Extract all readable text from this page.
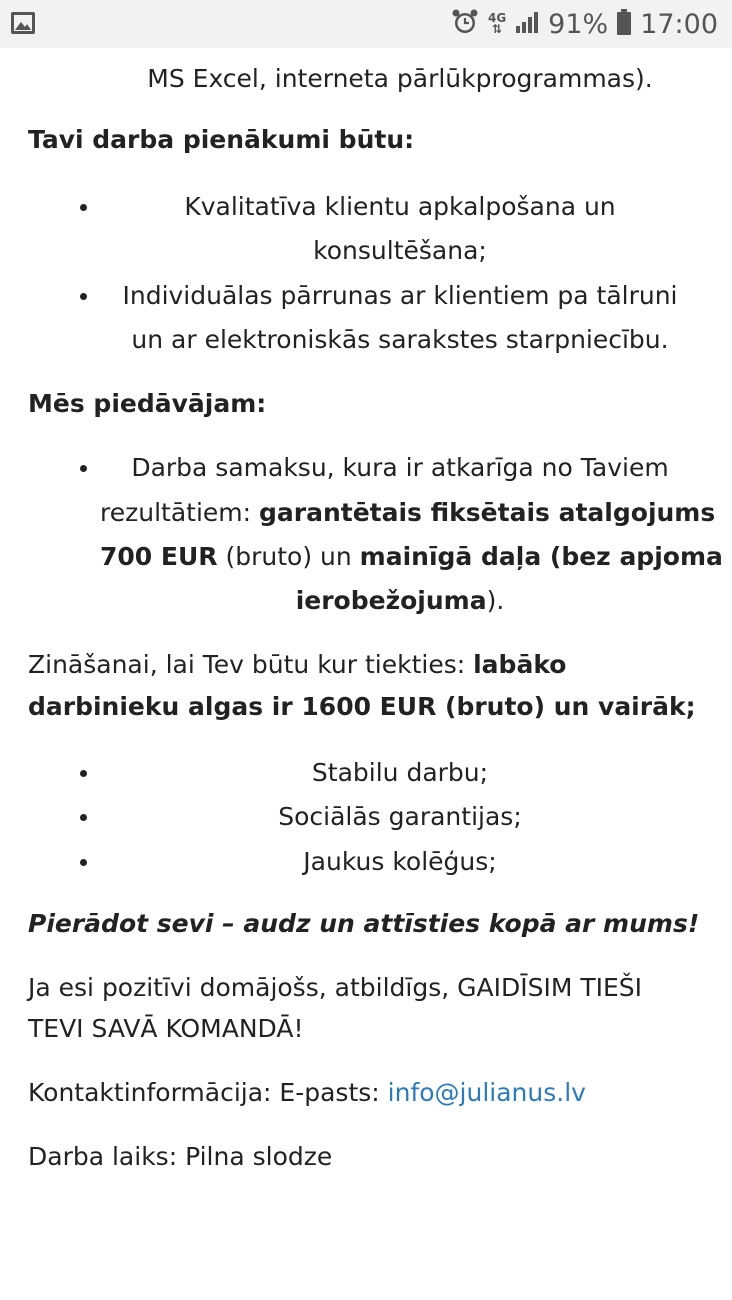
MS Excel, interneta pārlūkprogrammas).
Tavi darba pienākumi būtu:
Kvalitatīva klientu apkalpošana un
konsultēšana;
Individuālas pārrunas ar klientiem pa tālruni
un ar elektroniskās sarakstes starpniecību.
Mēs piedāvājam:
Darba samaksu, kura ir atkarīga no Taviem
rezultātiem: garantētais fiksētais atalgojums
700 EUR (bruto) un mainīgā daļa (bez apjoma
ierobežojuma).
Zināšanai, lai Tev būtu kur tiekties: labāko
darbinieku algas ir 1600 EUR (bruto) un vairāk;
Stabilu darbu;
Sociālās garantijas;
Jaukus kolēģus;
Pierādot sevi – audz un attīsties kopā ar mums!
Ja esi pozitīvi domājošs, atbildīgs, GAIDĪSIM TIEŠI
TEVI SAVĀ KOMANDĀ!
Kontaktinformācija: E-pasts: info@julianus.lv
Darba laiks: Pilna slodze
4G
⇅ 91% 17:00
